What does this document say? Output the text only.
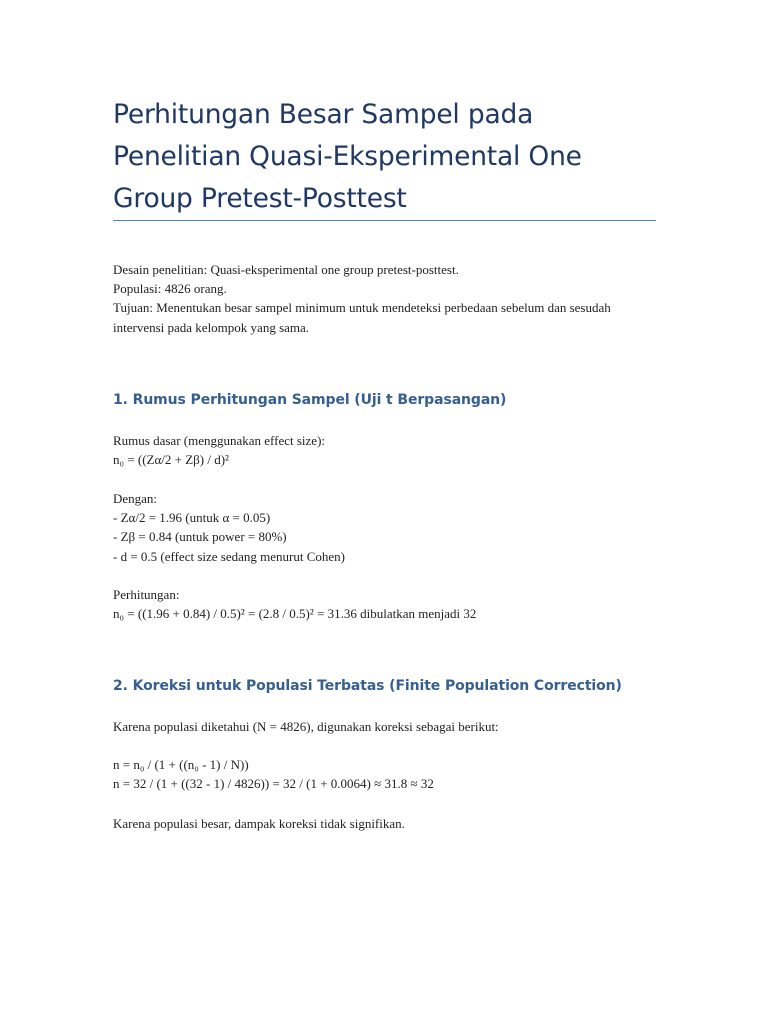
Perhitungan Besar Sampel pada Penelitian Quasi-Eksperimental One Group Pretest-Posttest

Desain penelitian: Quasi-eksperimental one group pretest-posttest.
Populasi: 4826 orang.
Tujuan: Menentukan besar sampel minimum untuk mendeteksi perbedaan sebelum dan sesudah intervensi pada kelompok yang sama.

1. Rumus Perhitungan Sampel (Uji t Berpasangan)

Rumus dasar (menggunakan effect size):
n₀ = ((Zα/2 + Zβ) / d)²

Dengan:
- Zα/2 = 1.96 (untuk α = 0.05)
- Zβ = 0.84 (untuk power = 80%)
- d = 0.5 (effect size sedang menurut Cohen)

Perhitungan:
n₀ = ((1.96 + 0.84) / 0.5)² = (2.8 / 0.5)² = 31.36 dibulatkan menjadi 32

2. Koreksi untuk Populasi Terbatas (Finite Population Correction)

Karena populasi diketahui (N = 4826), digunakan koreksi sebagai berikut:

n = n₀ / (1 + ((n₀ - 1) / N))
n = 32 / (1 + ((32 - 1) / 4826)) = 32 / (1 + 0.0064) ≈ 31.8 ≈ 32

Karena populasi besar, dampak koreksi tidak signifikan.
